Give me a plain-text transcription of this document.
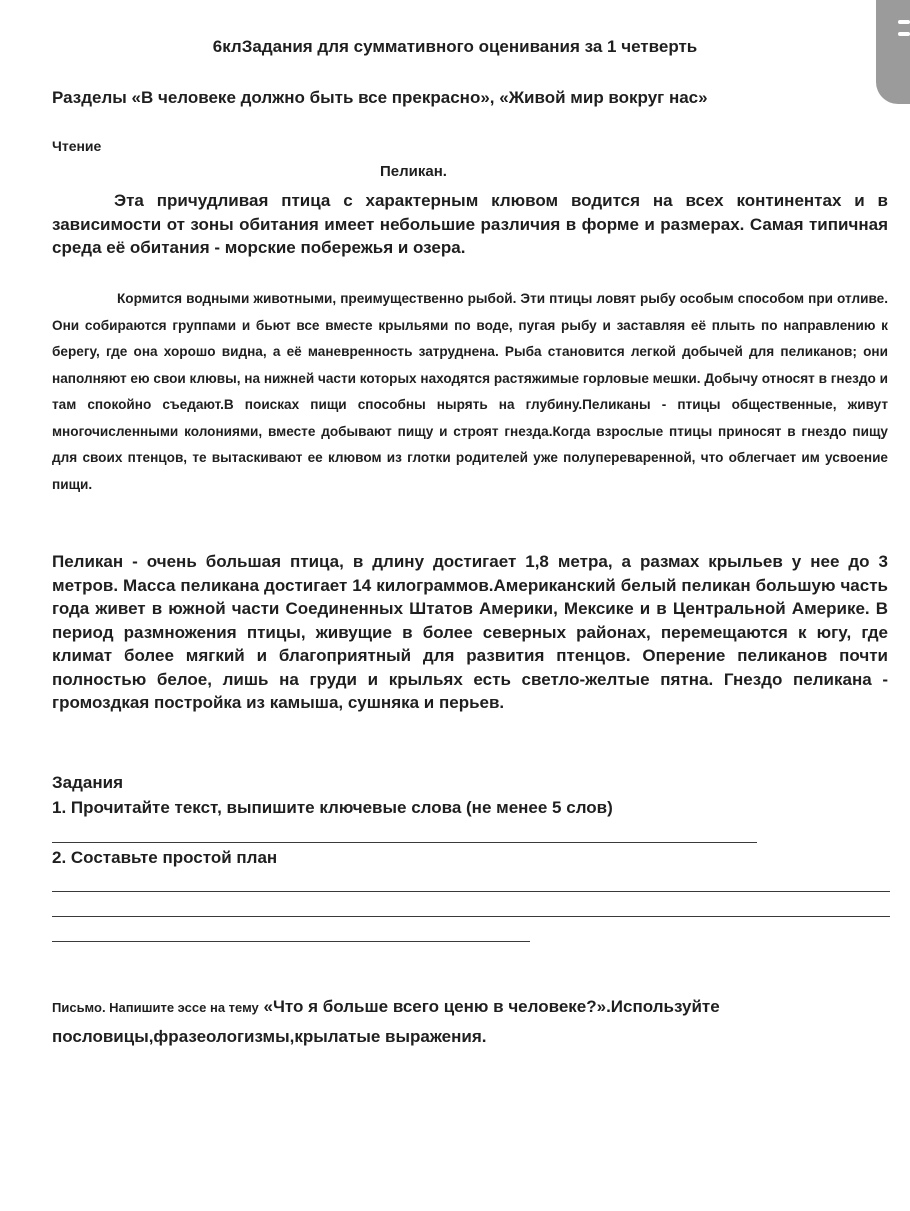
6клЗадания для суммативного оценивания за 1 четверть
Разделы «В человеке должно быть все прекрасно», «Живой мир вокруг нас»
Чтение
Пеликан.

Эта причудливая птица с характерным клювом водится на всех континентах и в зависимости от зоны обитания имеет небольшие различия в форме и размерах. Самая типичная среда её обитания - морские побережья и озера.

Кормится водными животными, преимущественно рыбой. Эти птицы ловят рыбу особым способом при отливе. Они собираются группами и бьют все вместе крыльями по воде, пугая рыбу и заставляя её плыть по направлению к берегу, где она хорошо видна, а её маневренность затруднена. Рыба становится легкой добычей для пеликанов; они наполняют ею свои клювы, на нижней части которых находятся растяжимые горловые мешки. Добычу относят в гнездо и там спокойно съедают.В поисках пищи способны нырять на глубину.Пеликаны - птицы общественные, живут многочисленными колониями, вместе добывают пищу и строят гнезда.Когда взрослые птицы приносят в гнездо пищу для своих птенцов, те вытаскивают ее клювом из глотки родителей уже полупереваренной, что облегчает им усвоение пищи.

Пеликан - очень большая птица, в длину достигает 1,8 метра, а размах крыльев у нее до 3 метров. Масса пеликана достигает 14 килограммов.Американский белый пеликан большую часть года живет в южной части Соединенных Штатов Америки, Мексике и в Центральной Америке. В период размножения птицы, живущие в более северных районах, перемещаются к югу, где климат более мягкий и благоприятный для развития птенцов. Оперение пеликанов почти полностью белое, лишь на груди и крыльях есть светло-желтые пятна. Гнездо пеликана - громоздкая постройка из камыша, сушняка и перьев.

Задания
1. Прочитайте текст, выпишите ключевые слова (не менее 5 слов)
2. Составьте простой план
Письмо. Напишите эссе на тему «Что я больше всего ценю в человеке?».Используйте пословицы,фразеологизмы,крылатые выражения.
